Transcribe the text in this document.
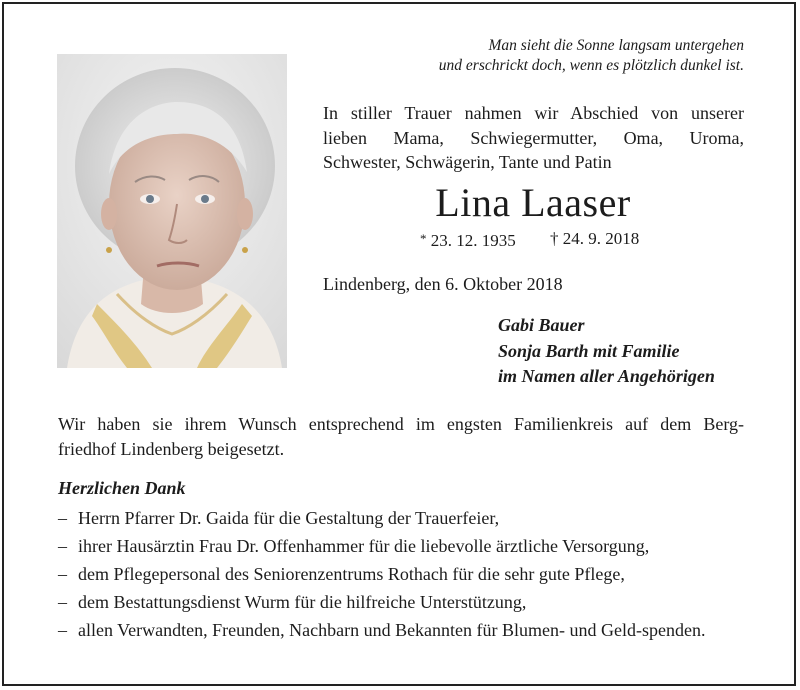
Man sieht die Sonne langsam untergehen
und erschrickt doch, wenn es plötzlich dunkel ist.
In stiller Trauer nahmen wir Abschied von unserer
lieben Mama, Schwiegermutter, Oma, Uroma,
Schwester, Schwägerin, Tante und Patin
Lina Laaser
* 23. 12. 1935 † 24. 9. 2018
Lindenberg, den 6. Oktober 2018
Gabi Bauer
Sonja Barth mit Familie
im Namen aller Angehörigen
Wir haben sie ihrem Wunsch entsprechend im engsten Familienkreis auf dem Berg-
friedhof Lindenberg beigesetzt.
Herzlichen Dank
– Herrn Pfarrer Dr. Gaida für die Gestaltung der Trauerfeier,
– ihrer Hausärztin Frau Dr. Offenhammer für die liebevolle ärztliche Versorgung,
– dem Pflegepersonal des Seniorenzentrums Rothach für die sehr gute Pflege,
– dem Bestattungsdienst Wurm für die hilfreiche Unterstützung,
– allen Verwandten, Freunden, Nachbarn und Bekannten für Blumen- und Geld-spenden.
